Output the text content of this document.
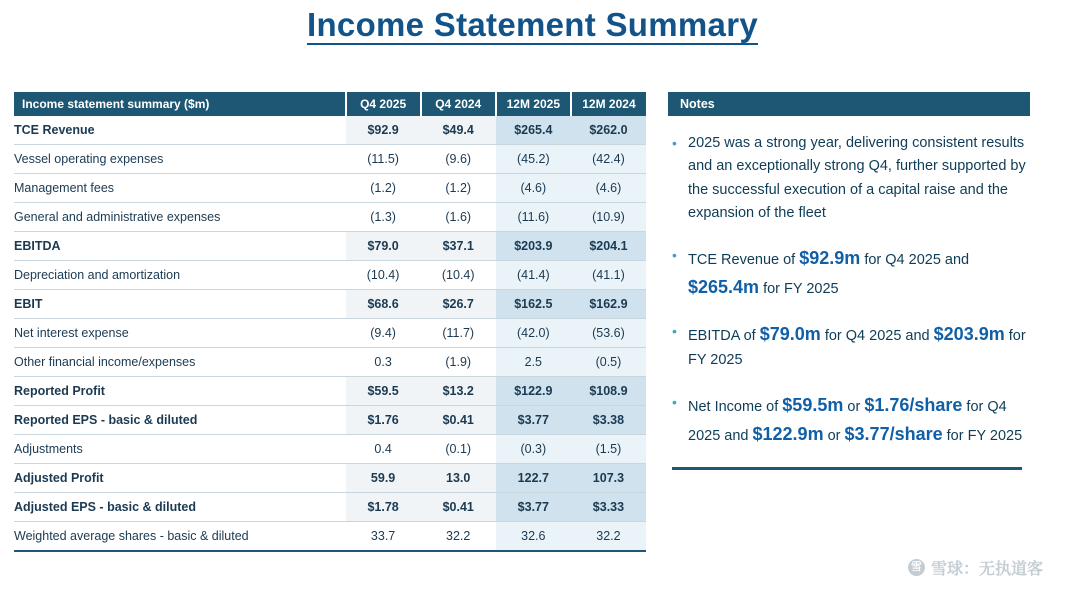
Income Statement Summary
Income statement summary ($m)	Q4 2025	Q4 2024	12M 2025	12M 2024
TCE Revenue	$92.9	$49.4	$265.4	$262.0
Vessel operating expenses	(11.5)	(9.6)	(45.2)	(42.4)
Management fees	(1.2)	(1.2)	(4.6)	(4.6)
General and administrative expenses	(1.3)	(1.6)	(11.6)	(10.9)
EBITDA	$79.0	$37.1	$203.9	$204.1
Depreciation and amortization	(10.4)	(10.4)	(41.4)	(41.1)
EBIT	$68.6	$26.7	$162.5	$162.9
Net interest expense	(9.4)	(11.7)	(42.0)	(53.6)
Other financial income/expenses	0.3	(1.9)	2.5	(0.5)
Reported Profit	$59.5	$13.2	$122.9	$108.9
Reported EPS - basic & diluted	$1.76	$0.41	$3.77	$3.38
Adjustments	0.4	(0.1)	(0.3)	(1.5)
Adjusted Profit	59.9	13.0	122.7	107.3
Adjusted EPS - basic & diluted	$1.78	$0.41	$3.77	$3.33
Weighted average shares - basic & diluted	33.7	32.2	32.6	32.2
Notes
• 2025 was a strong year, delivering consistent results and an exceptionally strong Q4, further supported by the successful execution of a capital raise and the expansion of the fleet
• TCE Revenue of $92.9m for Q4 2025 and $265.4m for FY 2025
• EBITDA of $79.0m for Q4 2025 and $203.9m for FY 2025
• Net Income of $59.5m or $1.76/share for Q4 2025 and $122.9m or $3.77/share for FY 2025
雪 雪球：无执道客
